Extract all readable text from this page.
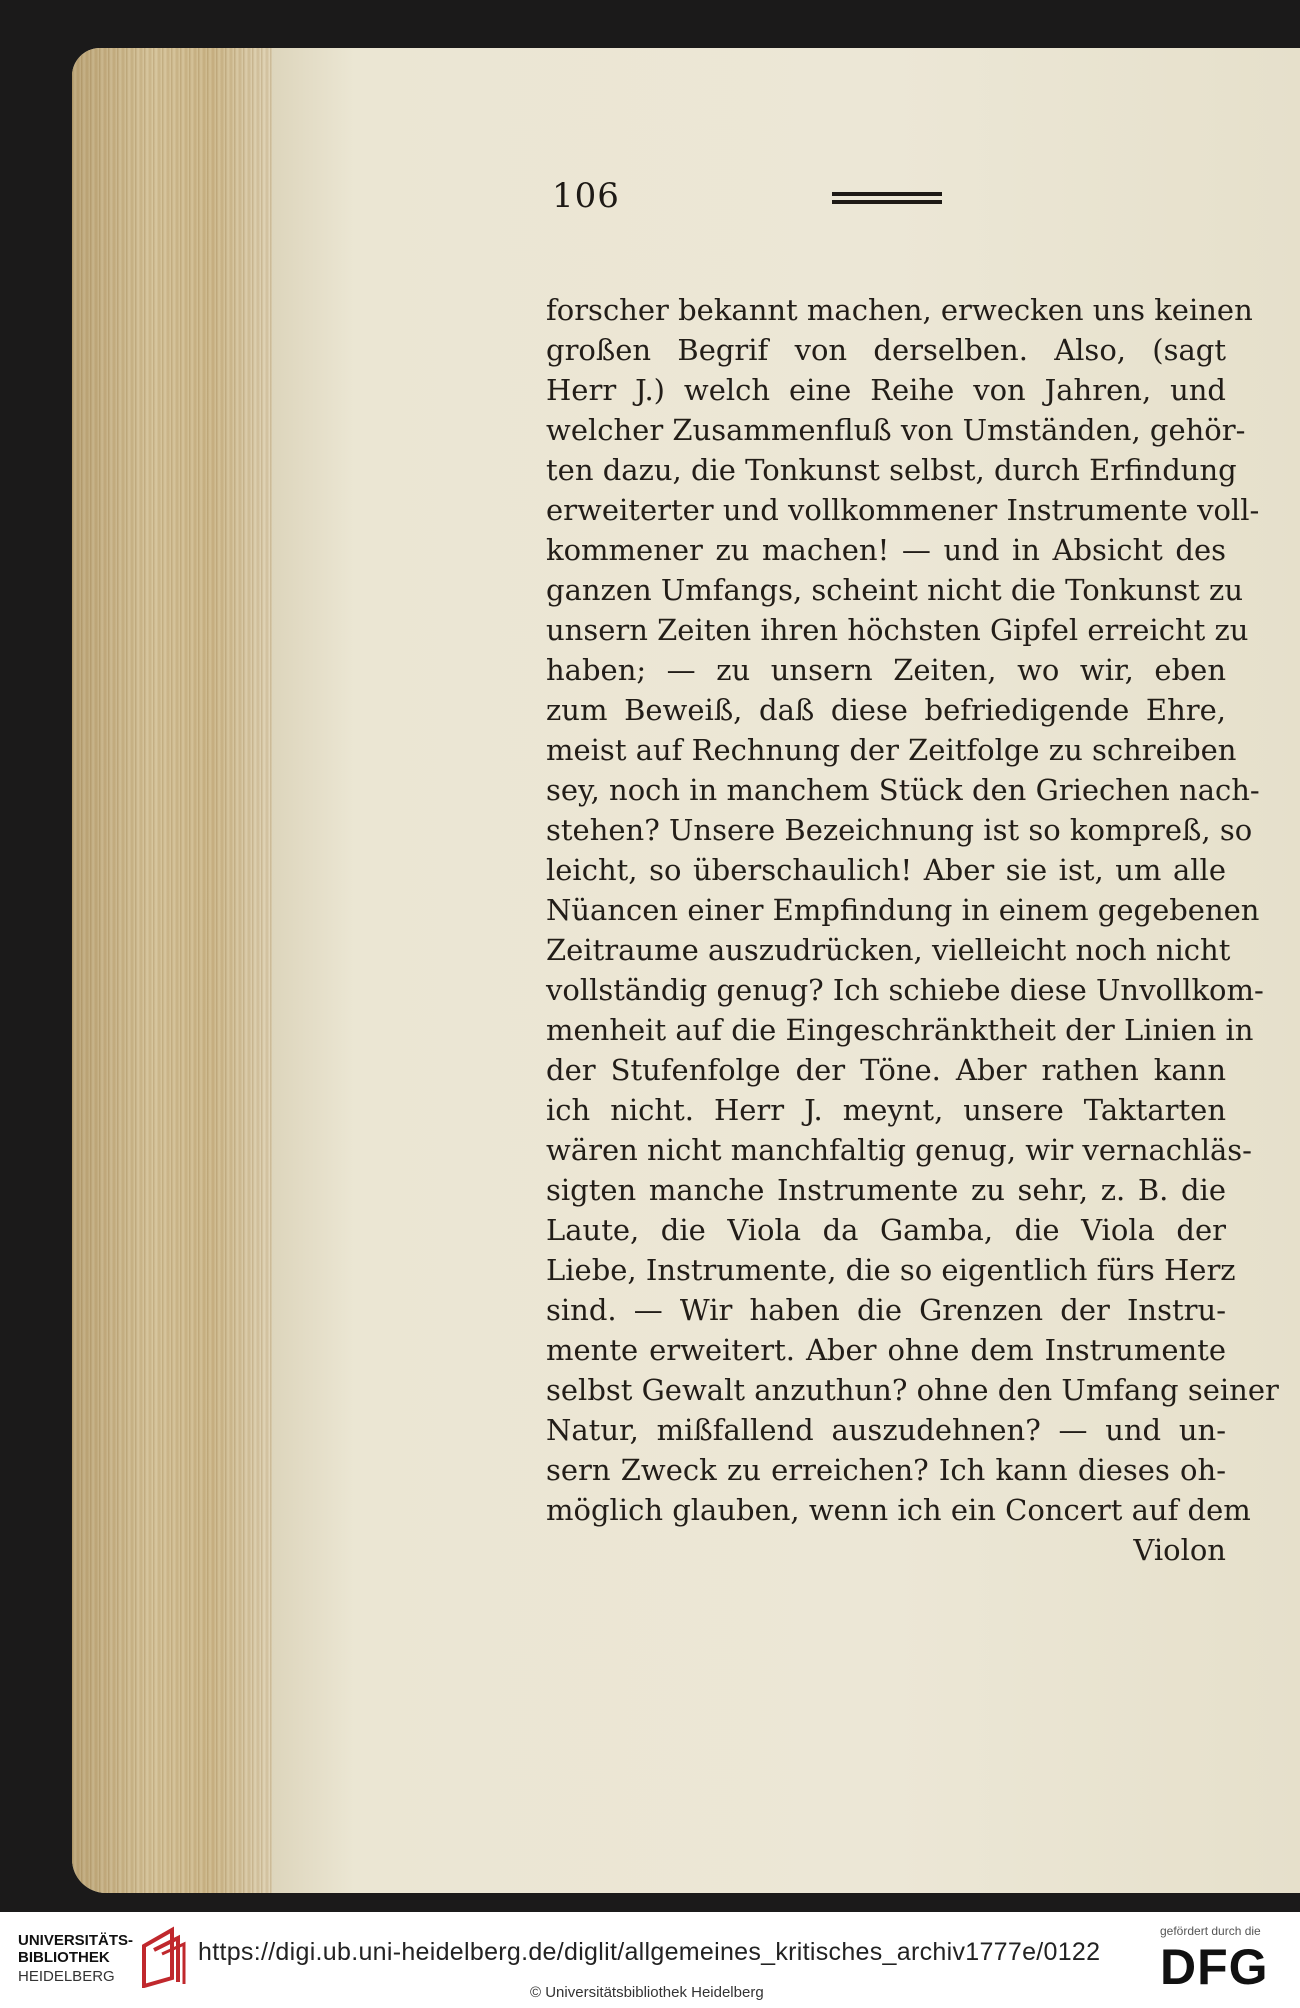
106
forscher bekannt machen, erwecken uns keinen
großen Begrif von derselben. Also, (sagt
Herr J.) welch eine Reihe von Jahren, und
welcher Zusammenfluß von Umständen, gehör-
ten dazu, die Tonkunst selbst, durch Erfindung
erweiterter und vollkommener Instrumente voll-
kommener zu machen! — und in Absicht des
ganzen Umfangs, scheint nicht die Tonkunst zu
unsern Zeiten ihren höchsten Gipfel erreicht zu
haben; — zu unsern Zeiten, wo wir, eben
zum Beweiß, daß diese befriedigende Ehre,
meist auf Rechnung der Zeitfolge zu schreiben
sey, noch in manchem Stück den Griechen nach-
stehen? Unsere Bezeichnung ist so kompreß, so
leicht, so überschaulich! Aber sie ist, um alle
Nüancen einer Empfindung in einem gegebenen
Zeitraume auszudrücken, vielleicht noch nicht
vollständig genug? Ich schiebe diese Unvollkom-
menheit auf die Eingeschränktheit der Linien in
der Stufenfolge der Töne. Aber rathen kann
ich nicht. Herr J. meynt, unsere Taktarten
wären nicht manchfaltig genug, wir vernachläs-
sigten manche Instrumente zu sehr, z. B. die
Laute, die Viola da Gamba, die Viola der
Liebe, Instrumente, die so eigentlich fürs Herz
sind. — Wir haben die Grenzen der Instru-
mente erweitert. Aber ohne dem Instrumente
selbst Gewalt anzuthun? ohne den Umfang seiner
Natur, mißfallend auszudehnen? — und un-
sern Zweck zu erreichen? Ich kann dieses oh-
möglich glauben, wenn ich ein Concert auf dem
Violon
UNIVERSITÄTS-
BIBLIOTHEK
HEIDELBERG
https://digi.ub.uni-heidelberg.de/diglit/allgemeines_kritisches_archiv1777e/0122
© Universitätsbibliothek Heidelberg
gefördert durch die
DFG
